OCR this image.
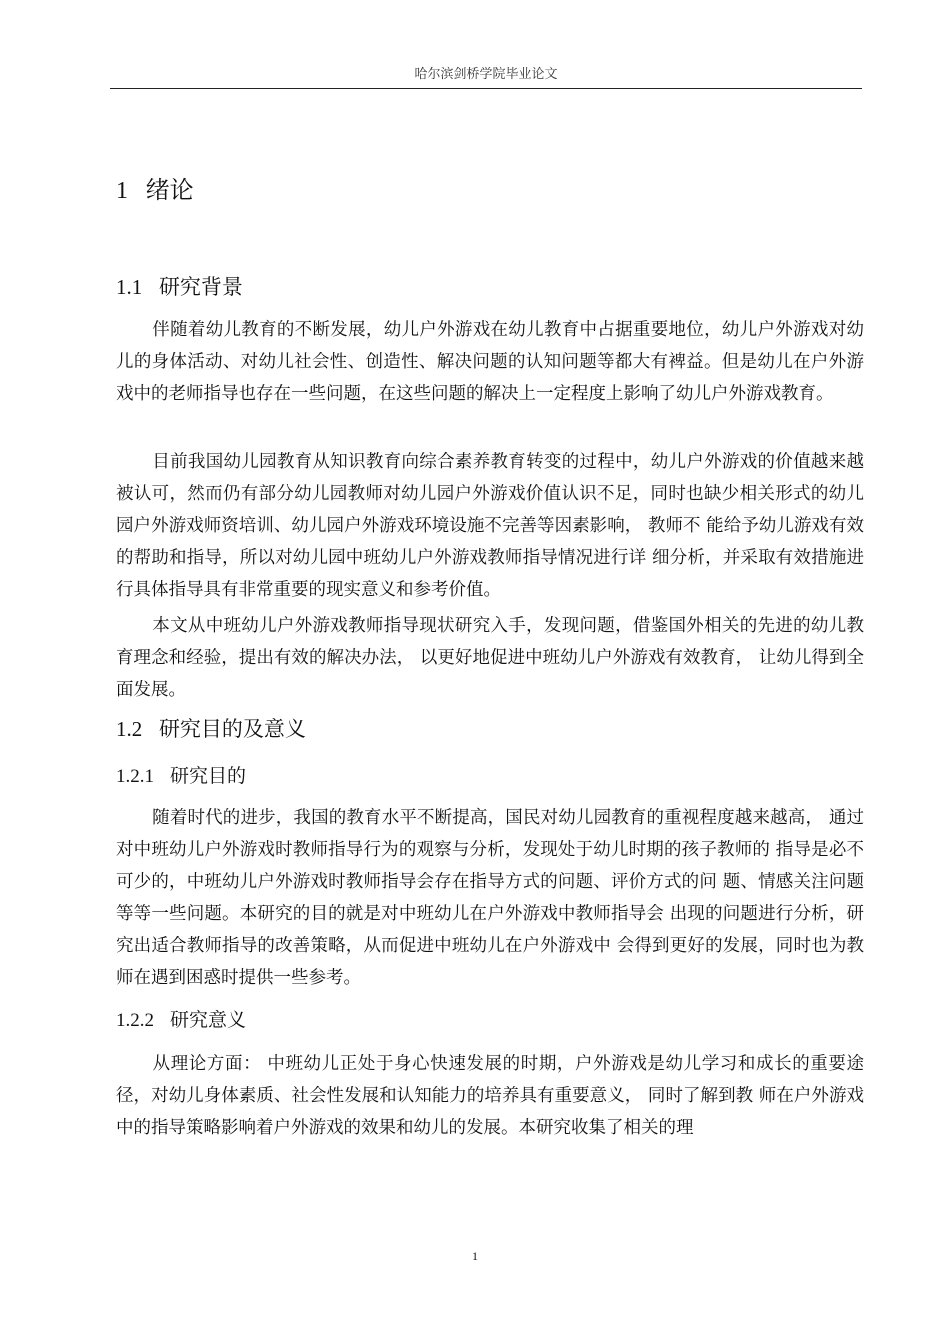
哈尔滨剑桥学院毕业论文
1 绪论
1.1 研究背景
伴随着幼儿教育的不断发展，幼儿户外游戏在幼儿教育中占据重要地位，幼儿户外游戏对幼儿的身体活动、对幼儿社会性、创造性、解决问题的认知问题等都大有裨益。但是幼儿在户外游戏中的老师指导也存在一些问题，在这些问题的解决上一定程度上影响了幼儿户外游戏教育。
目前我国幼儿园教育从知识教育向综合素养教育转变的过程中，幼儿户外游戏的价值越来越被认可，然而仍有部分幼儿园教师对幼儿园户外游戏价值认识不足，同时也缺少相关形式的幼儿园户外游戏师资培训、幼儿园户外游戏环境设施不完善等因素影响， 教师不 能给予幼儿游戏有效的帮助和指导，所以对幼儿园中班幼儿户外游戏教师指导情况进行详 细分析，并采取有效措施进行具体指导具有非常重要的现实意义和参考价值。
本文从中班幼儿户外游戏教师指导现状研究入手，发现问题，借鉴国外相关的先进的幼儿教育理念和经验，提出有效的解决办法， 以更好地促进中班幼儿户外游戏有效教育， 让幼儿得到全面发展。
1.2 研究目的及意义
1.2.1 研究目的
随着时代的进步，我国的教育水平不断提高，国民对幼儿园教育的重视程度越来越高， 通过对中班幼儿户外游戏时教师指导行为的观察与分析，发现处于幼儿时期的孩子教师的 指导是必不可少的，中班幼儿户外游戏时教师指导会存在指导方式的问题、评价方式的问 题、情感关注问题等等一些问题。本研究的目的就是对中班幼儿在户外游戏中教师指导会 出现的问题进行分析，研究出适合教师指导的改善策略，从而促进中班幼儿在户外游戏中 会得到更好的发展，同时也为教师在遇到困惑时提供一些参考。
1.2.2 研究意义
从理论方面： 中班幼儿正处于身心快速发展的时期，户外游戏是幼儿学习和成长的重要途径，对幼儿身体素质、社会性发展和认知能力的培养具有重要意义， 同时了解到教 师在户外游戏中的指导策略影响着户外游戏的效果和幼儿的发展。本研究收集了相关的理
1
